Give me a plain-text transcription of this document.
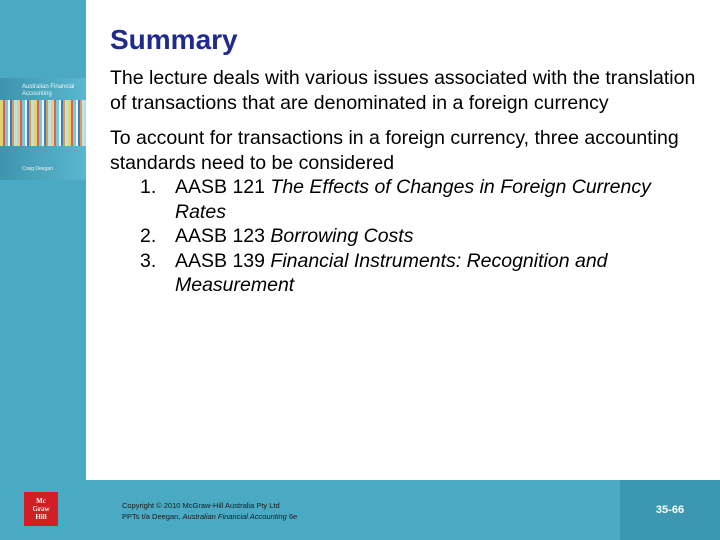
Australian Financial Accounting
Craig Deegan
Summary

The lecture deals with various issues associated with the translation of transactions that are denominated in a foreign currency

To account for transactions in a foreign currency, three accounting standards need to be considered

1. AASB 121 The Effects of Changes in Foreign Currency Rates
2. AASB 123 Borrowing Costs
3. AASB 139 Financial Instruments: Recognition and Measurement
Mc
Graw
Hill
Copyright © 2010 McGraw-Hill Australia Pty Ltd
PPTs t/a Deegan, Australian Financial Accounting 6e
35-66
